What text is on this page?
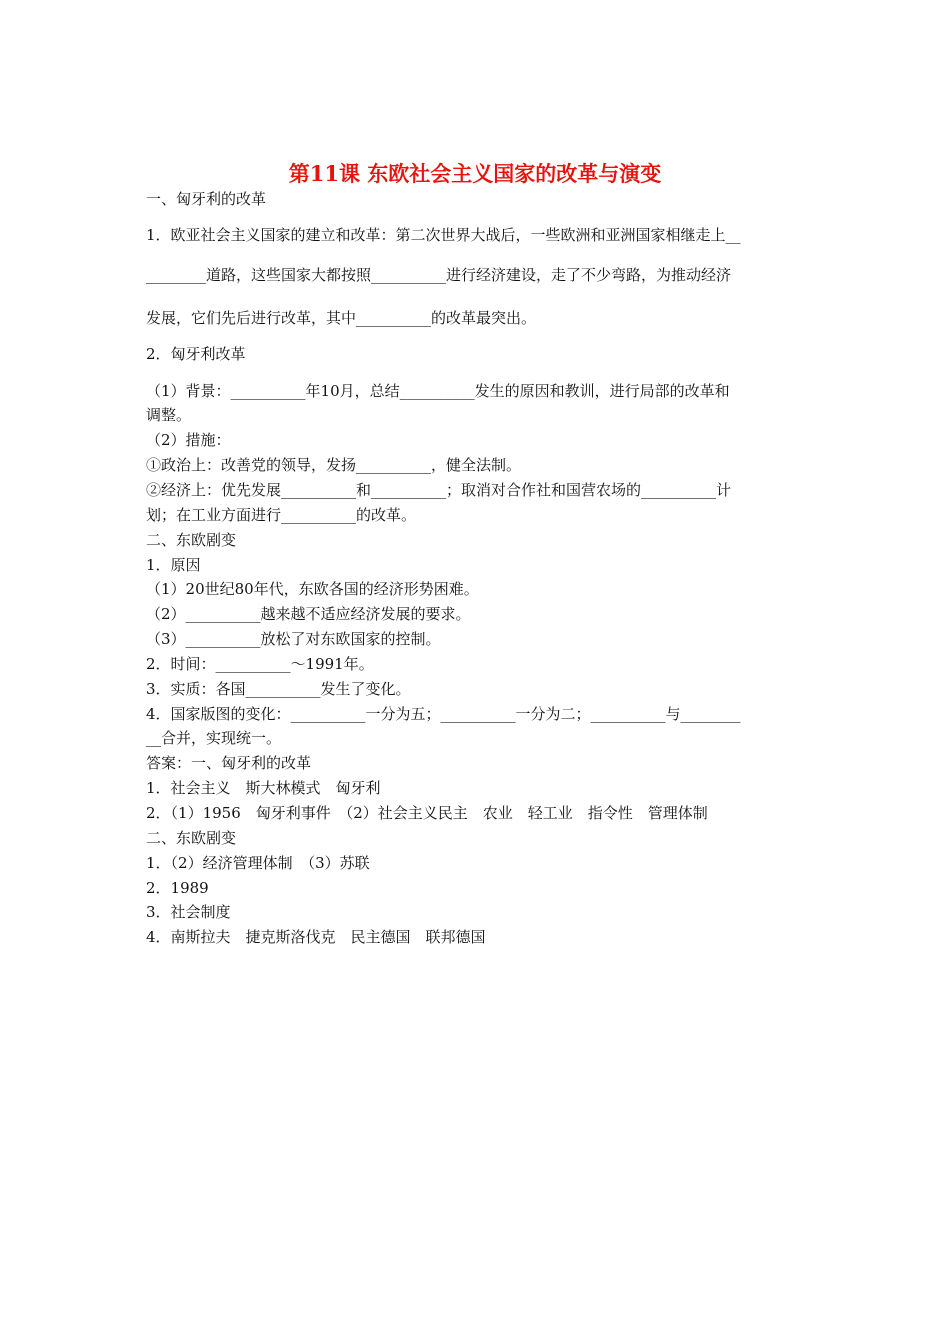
第11课 东欧社会主义国家的改革与演变
一、匈牙利的改革
1．欧亚社会主义国家的建立和改革：第二次世界大战后，一些欧洲和亚洲国家相继走上__
________道路，这些国家大都按照__________进行经济建设，走了不少弯路，为推动经济
发展，它们先后进行改革，其中__________的改革最突出。
2．匈牙利改革
（1）背景：__________年10月，总结__________发生的原因和教训，进行局部的改革和
调整。
（2）措施：
①政治上：改善党的领导，发扬__________，健全法制。
②经济上：优先发展__________和__________；取消对合作社和国营农场的__________计
划；在工业方面进行__________的改革。
二、东欧剧变
1．原因
（1）20世纪80年代，东欧各国的经济形势困难。
（2）__________越来越不适应经济发展的要求。
（3）__________放松了对东欧国家的控制。
2．时间：__________～1991年。
3．实质：各国__________发生了变化。
4．国家版图的变化：__________一分为五；__________一分为二；__________与________
__合并，实现统一。
答案：一、匈牙利的改革
1．社会主义　斯大林模式　匈牙利
2．（1）1956　匈牙利事件　（2）社会主义民主　农业　轻工业　指令性　管理体制
二、东欧剧变
1．（2）经济管理体制　（3）苏联
2．1989
3．社会制度
4．南斯拉夫　捷克斯洛伐克　民主德国　联邦德国
